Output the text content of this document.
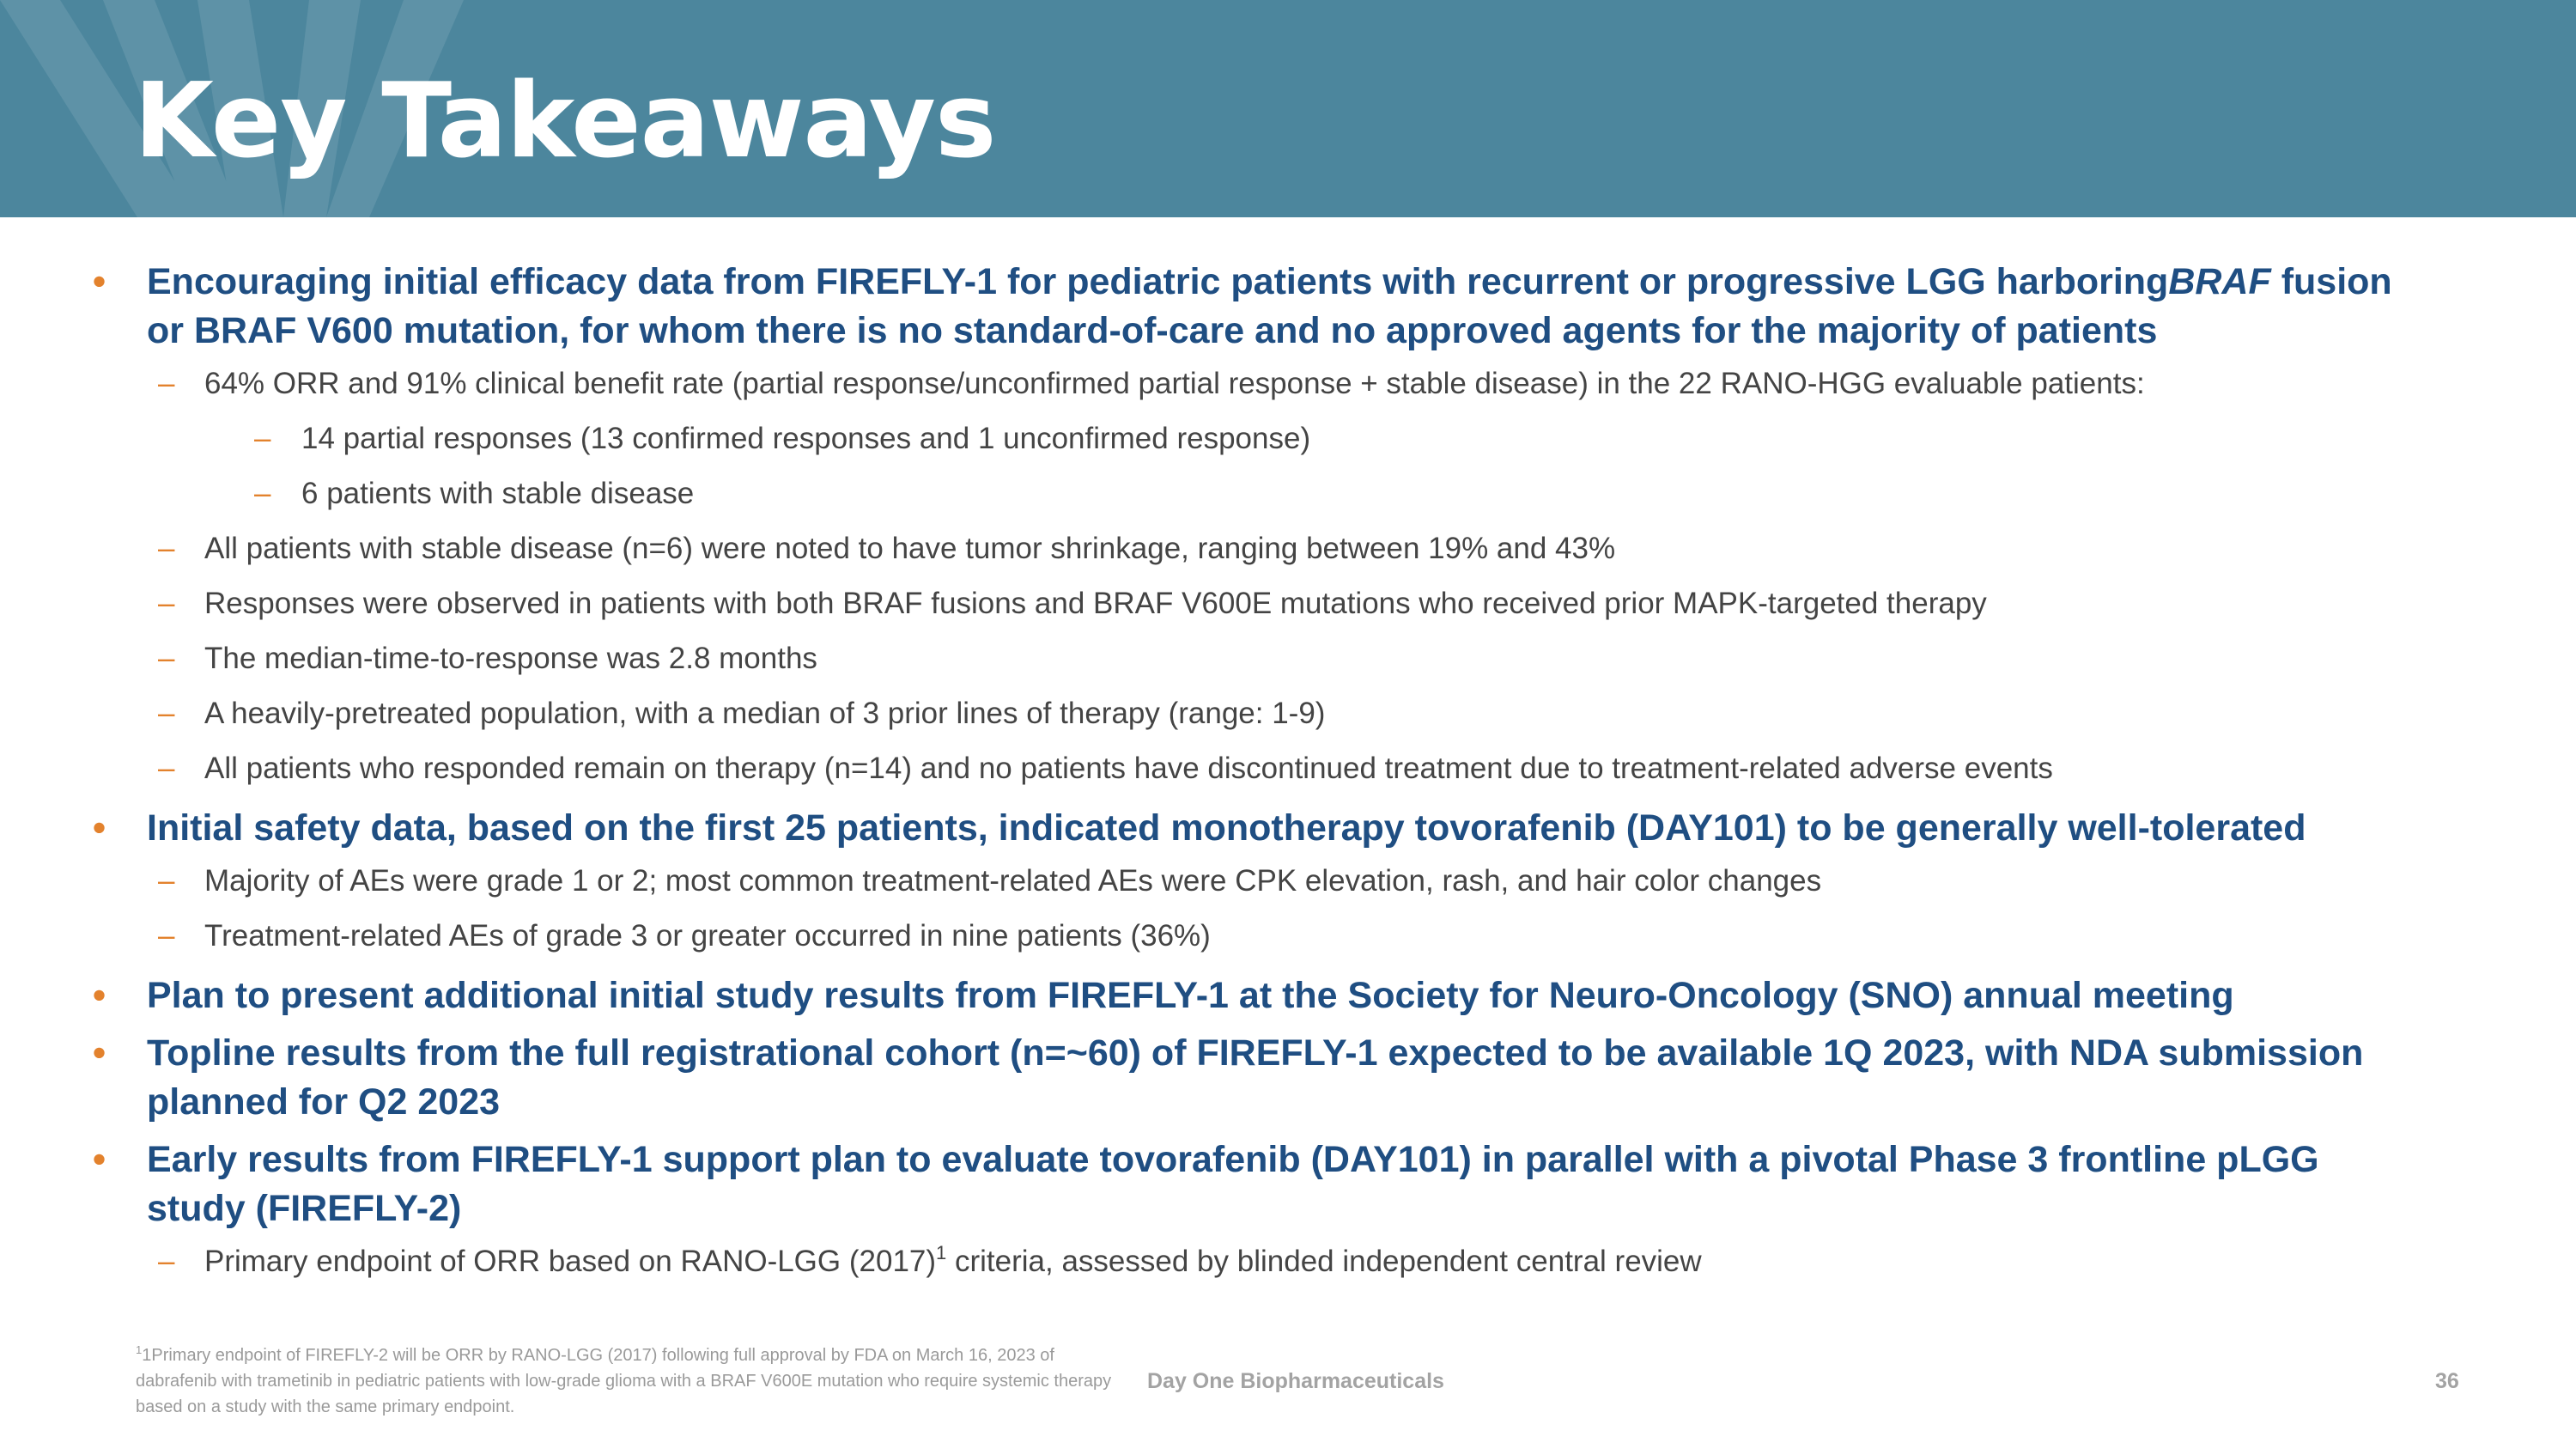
Key Takeaways
• Encouraging initial efficacy data from FIREFLY-1 for pediatric patients with recurrent or progressive LGG harboringBRAF fusion or BRAF V600 mutation, for whom there is no standard-of-care and no approved agents for the majority of patients
– 64% ORR and 91% clinical benefit rate (partial response/unconfirmed partial response + stable disease) in the 22 RANO-HGG evaluable patients:
– 14 partial responses (13 confirmed responses and 1 unconfirmed response)
– 6 patients with stable disease
– All patients with stable disease (n=6) were noted to have tumor shrinkage, ranging between 19% and 43%
– Responses were observed in patients with both BRAF fusions and BRAF V600E mutations who received prior MAPK-targeted therapy
– The median-time-to-response was 2.8 months
– A heavily-pretreated population, with a median of 3 prior lines of therapy (range: 1-9)
– All patients who responded remain on therapy (n=14) and no patients have discontinued treatment due to treatment-related adverse events
• Initial safety data, based on the first 25 patients, indicated monotherapy tovorafenib (DAY101) to be generally well-tolerated
– Majority of AEs were grade 1 or 2; most common treatment-related AEs were CPK elevation, rash, and hair color changes
– Treatment-related AEs of grade 3 or greater occurred in nine patients (36%)
• Plan to present additional initial study results from FIREFLY-1 at the Society for Neuro-Oncology (SNO) annual meeting
• Topline results from the full registrational cohort (n=~60) of FIREFLY-1 expected to be available 1Q 2023, with NDA submission planned for Q2 2023
• Early results from FIREFLY-1 support plan to evaluate tovorafenib (DAY101) in parallel with a pivotal Phase 3 frontline pLGG study (FIREFLY-2)
– Primary endpoint of ORR based on RANO-LGG $(2017)^1$ criteria, assessed by blinded independent central review
$^1$1Primary endpoint of FIREFLY-2 will be ORR by RANO-LGG (2017) following full approval by FDA on March 16, 2023 of dabrafenib with trametinib in pediatric patients with low-grade glioma with a BRAF V600E mutation who require systemic therapy based on a study with the same primary endpoint.
Day One Biopharmaceuticals	36
